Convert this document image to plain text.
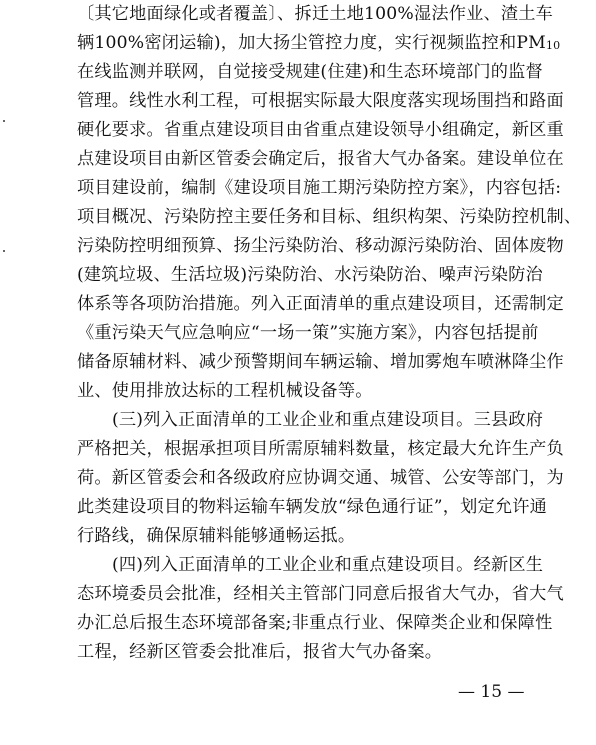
〔其它地面绿化或者覆盖〕、拆迁土地100%湿法作业、渣土车
辆100%密闭运输)，加大扬尘管控力度，实行视频监控和PM10
在线监测并联网，自觉接受规建(住建)和生态环境部门的监督
管理。线性水利工程，可根据实际最大限度落实现场围挡和路面
硬化要求。省重点建设项目由省重点建设领导小组确定，新区重
点建设项目由新区管委会确定后，报省大气办备案。建设单位在
项目建设前，编制《建设项目施工期污染防控方案》，内容包括:
项目概况、污染防控主要任务和目标、组织构架、污染防控机制、
污染防控明细预算、扬尘污染防治、移动源污染防治、固体废物
(建筑垃圾、生活垃圾)污染防治、水污染防治、噪声污染防治
体系等各项防治措施。列入正面清单的重点建设项目，还需制定
《重污染天气应急响应“一场一策”实施方案》，内容包括提前
储备原辅材料、减少预警期间车辆运输、增加雾炮车喷淋降尘作
业、使用排放达标的工程机械设备等。
(三)列入正面清单的工业企业和重点建设项目。三县政府
严格把关，根据承担项目所需原辅料数量，核定最大允许生产负
荷。新区管委会和各级政府应协调交通、城管、公安等部门，为
此类建设项目的物料运输车辆发放“绿色通行证”，划定允许通
行路线，确保原辅料能够通畅运抵。
(四)列入正面清单的工业企业和重点建设项目。经新区生
态环境委员会批准，经相关主管部门同意后报省大气办，省大气
办汇总后报生态环境部备案;非重点行业、保障类企业和保障性
工程，经新区管委会批准后，报省大气办备案。
— 15 —
